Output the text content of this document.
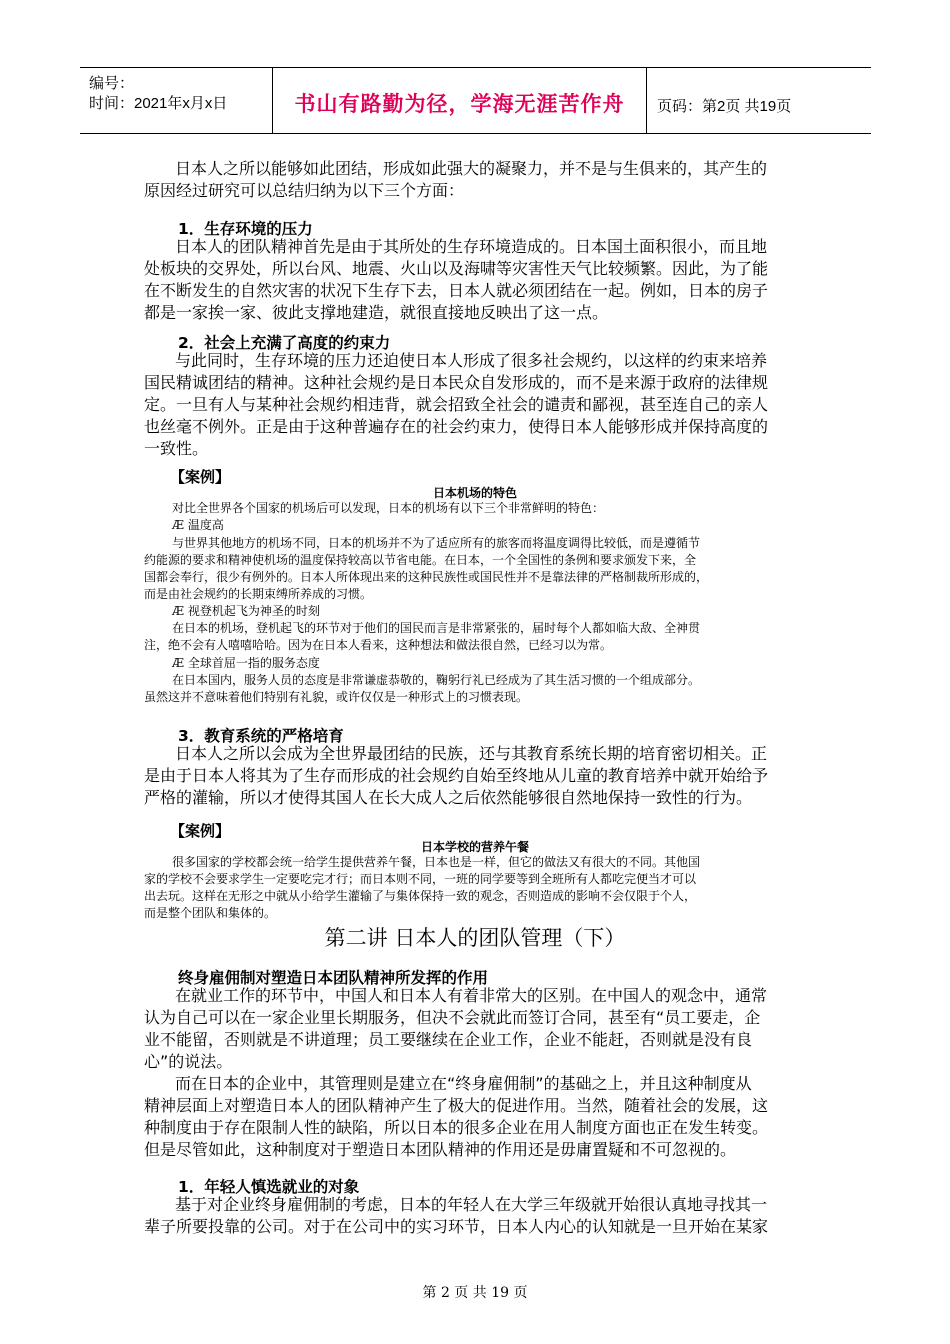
编号：
时间：2021年x月x日	书山有路勤为径，学海无涯苦作舟	页码：第2页 共19页
日本人之所以能够如此团结，形成如此强大的凝聚力，并不是与生俱来的，其产生的
原因经过研究可以总结归纳为以下三个方面：
1．生存环境的压力
日本人的团队精神首先是由于其所处的生存环境造成的。日本国土面积很小，而且地
处板块的交界处，所以台风、地震、火山以及海啸等灾害性天气比较频繁。因此，为了能
在不断发生的自然灾害的状况下生存下去，日本人就必须团结在一起。例如，日本的房子
都是一家挨一家、彼此支撑地建造，就很直接地反映出了这一点。
2．社会上充满了高度的约束力
与此同时，生存环境的压力还迫使日本人形成了很多社会规约，以这样的约束来培养
国民精诚团结的精神。这种社会规约是日本民众自发形成的，而不是来源于政府的法律规
定。一旦有人与某种社会规约相违背，就会招致全社会的谴责和鄙视，甚至连自己的亲人
也丝毫不例外。正是由于这种普遍存在的社会约束力，使得日本人能够形成并保持高度的
一致性。
【案例】
日本机场的特色
对比全世界各个国家的机场后可以发现，日本的机场有以下三个非常鲜明的特色：
Æ 温度高
与世界其他地方的机场不同，日本的机场并不为了适应所有的旅客而将温度调得比较低，而是遵循节
约能源的要求和精神使机场的温度保持较高以节省电能。在日本，一个全国性的条例和要求颁发下来，全
国都会奉行，很少有例外的。日本人所体现出来的这种民族性或国民性并不是靠法律的严格制裁所形成的，
而是由社会规约的长期束缚所养成的习惯。
Æ 视登机起飞为神圣的时刻
在日本的机场，登机起飞的环节对于他们的国民而言是非常紧张的，届时每个人都如临大敌、全神贯
注，绝不会有人嘻嘻哈哈。因为在日本人看来，这种想法和做法很自然，已经习以为常。
Æ 全球首屈一指的服务态度
在日本国内，服务人员的态度是非常谦虚恭敬的，鞠躬行礼已经成为了其生活习惯的一个组成部分。
虽然这并不意味着他们特别有礼貌，或许仅仅是一种形式上的习惯表现。
3．教育系统的严格培育
日本人之所以会成为全世界最团结的民族，还与其教育系统长期的培育密切相关。正
是由于日本人将其为了生存而形成的社会规约自始至终地从儿童的教育培养中就开始给予
严格的灌输，所以才使得其国人在长大成人之后依然能够很自然地保持一致性的行为。
【案例】
日本学校的营养午餐
很多国家的学校都会统一给学生提供营养午餐，日本也是一样，但它的做法又有很大的不同。其他国
家的学校不会要求学生一定要吃完才行；而日本则不同，一班的同学要等到全班所有人都吃完便当才可以
出去玩。这样在无形之中就从小给学生灌输了与集体保持一致的观念，否则造成的影响不会仅限于个人，
而是整个团队和集体的。
第二讲 日本人的团队管理（下）
终身雇佣制对塑造日本团队精神所发挥的作用
在就业工作的环节中，中国人和日本人有着非常大的区别。在中国人的观念中，通常
认为自己可以在一家企业里长期服务，但决不会就此而签订合同，甚至有“员工要走，企
业不能留，否则就是不讲道理；员工要继续在企业工作，企业不能赶，否则就是没有良
心”的说法。
而在日本的企业中，其管理则是建立在“终身雇佣制”的基础之上，并且这种制度从
精神层面上对塑造日本人的团队精神产生了极大的促进作用。当然，随着社会的发展，这
种制度由于存在限制人性的缺陷，所以日本的很多企业在用人制度方面也正在发生转变。
但是尽管如此，这种制度对于塑造日本团队精神的作用还是毋庸置疑和不可忽视的。
1．年轻人慎选就业的对象
基于对企业终身雇佣制的考虑，日本的年轻人在大学三年级就开始很认真地寻找其一
辈子所要投靠的公司。对于在公司中的实习环节，日本人内心的认知就是一旦开始在某家
第 2 页 共 19 页
